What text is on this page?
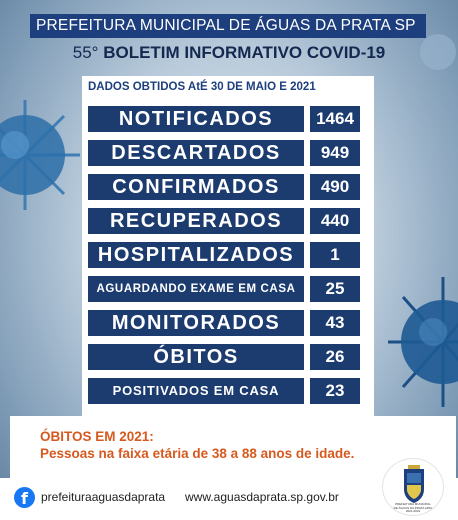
PREFEITURA MUNICIPAL DE ÁGUAS DA PRATA SP
55° BOLETIM INFORMATIVO COVID-19
DADOS OBTIDOS AtÉ 30 DE MAIO E 2021
NOTIFICADOS	1464
DESCARTADOS	949
CONFIRMADOS	490
RECUPERADOS	440
HOSPITALIZADOS	1
AGUARDANDO EXAME EM CASA	25
MONITORADOS	43
ÓBITOS	26
POSITIVADOS EM CASA	23
ÓBITOS EM 2021:
Pessoas na faixa etária de 38 a 88 anos de idade.
f	prefeituraaguasdaprata www.aguasdaprata.sp.gov.br	PREFEITURA MUNICIPAL DE ÁGUAS DA PRATA ADM: 2021-2024
